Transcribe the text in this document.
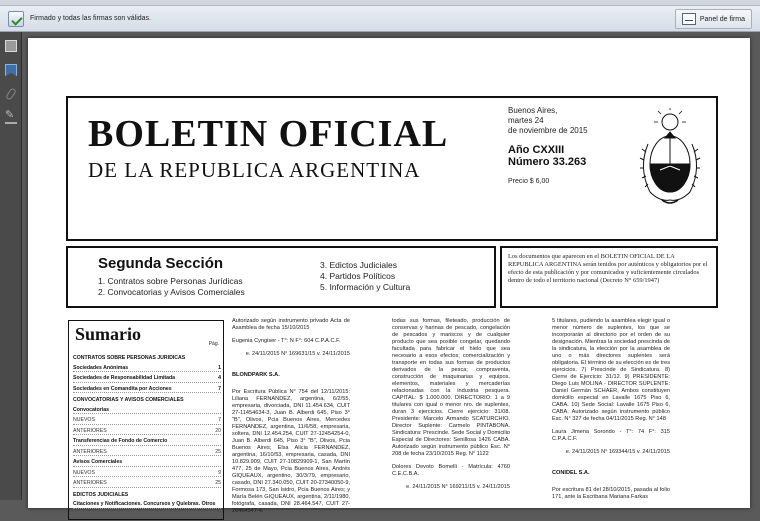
Firmado y todas las firmas son válidas.	Panel de firma
✎
BOLETIN OFICIAL
DE LA REPUBLICA ARGENTINA
Buenos Aires,
martes 24
de noviembre de 2015
Año CXXIII
Número 33.263
Precio $ 6,00
Segunda Sección
1. Contratos sobre Personas Jurídicas
2. Convocatorias y Avisos Comerciales
3. Edictos Judiciales
4. Partidos Políticos
5. Información y Cultura
Los documentos que aparecen en el BOLETIN OFICIAL DE LA REPUBLICA ARGENTINA serán tenidos por auténticos y obligatorios por el efecto de esta publicación y por comunicados y suficientemente circulados dentro de todo el territorio nacional (Decreto N° 659/1947)
Sumario	Pág.
CONTRATOS SOBRE PERSONAS JURIDICAS
Sociedades Anónimas	1
Sociedades de Responsabilidad Limitada	4
Sociedades en Comandita por Acciones	7
CONVOCATORIAS Y AVISOS COMERCIALES
Convocatorias
NUEVOS	7
ANTERIORES	20
Transferencias de Fondo de Comercio
ANTERIORES	25
Avisos Comerciales
NUEVOS	9
ANTERIORES	25
EDICTOS JUDICIALES
Citaciones y Notificaciones. Concursos y Quiebras. Otros

Autorizado según instrumento privado Acta de Asamblea de fecha 15/10/2015

Eugenia Cyngiser - T°: N F°: 604 C.P.A.C.F.

e. 24/11/2015 N° 169631/15 v. 24/11/2015

BLONDPARK S.A.

Por Escritura Pública N° 754 del 12/11/2015: Liliana FERNANDEZ, argentina, 6/2/55, empresaria, divorciada, DNI 11.454.634, CUIT 27-11454634-3, Juan B. Alberdi 645, Piso 3° "B", Olivos, Pcia Buenos Aires, Mercedes FERNANDEZ, argentina, 11/6/58, empresaria, soltera, DNI 12.454.254, CUIT 27-12454254-0, Juan B. Alberdi 645, Piso 3° "B", Olivos, Pcia Buenos Aires; Elsa Alicia FERNANDEZ, argentina, 16/10/53, empresaria, casada, DNI 10.829.909, CUIT 27-10829909-1, San Martín 477, 25 de Mayo, Pcia Buenos Aires, Andrés GIQUEAUX, argentino, 30/3/79, empresario, casado, DNI 27.340.050, CUIT 20-27340050-9, Formosa 173, San Isidro, Pcia Buenos Aires; y María Belén GIQUEAUX, argentina, 2/11/1980, fotógrafa, casada, DNI 28.464.547, CUIT 27-28464547-4.

todas sus formas, fileteado, producción de conservas y harinas de pescado, congelación de pescados y mariscos y de cualquier producto que sea posible congelar, quedando facultada para fabricar el hielo que sea necesario a esos efectos; comercialización y transporte en todas sus formas de productos derivados de la pesca; compraventa, construcción de maquinarias y equipos, elementos, materiales y mercaderías relacionadas con la industria pesquera. CAPITAL: $ 1.000.000. DIRECTORIO: 1 a 9 titulares con igual o menor nro. de suplentes, duran 3 ejercicios. Cierre ejercicio: 31/08. Presidente: Marcelo Armando SCATURCHIO. Director Suplente: Carmelo PINTABONA. Sindicatura: Prescinde. Sede Social y Domicilio Especial de Directores: Senillosa 1426 CABA. Autorizado según instrumento público Esc. N° 208 de fecha 23/10/2015 Reg. N° 1122

Dolores Devoto Bomelli - Matrícula: 4760 C.E.C.B.A.

e. 24/11/2015 N° 169211/15 v. 24/11/2015

5 titulares, pudiendo la asamblea elegir igual o menor número de suplentes, los que se incorporarán al directorio por el orden de su designación. Mientras la sociedad prescinda de la sindicatura, la elección por la asamblea de uno o más directores suplentes será obligatoria. El término de su elección es de tres ejercicios. 7) Prescinde de Sindicatura. 8) Cierre de Ejercicio: 31/12. 9) PRESIDENTE: Diego Luis MOLINA - DIRECTOR SUPLENTE: Daniel Germán SCHAER, Ambos constituyen domicilio especial en Lavalle 1675 Piso 6, CABA. 10) Sede Social: Lavalle 1675 Piso 6, CABA. Autorizado según instrumento público Esc. N° 327 de fecha 04/11/2015 Reg. N° 148

Laura Jimena Sorondo - T°: 74 F°: 315 C.P.A.C.F.

e. 24/11/2015 N° 169344/15 v. 24/11/2015

CONIDEL S.A.

Por escritura 81 del 28/10/2015, pasada al folio 171, ante la Escribana Mariana Farkas
